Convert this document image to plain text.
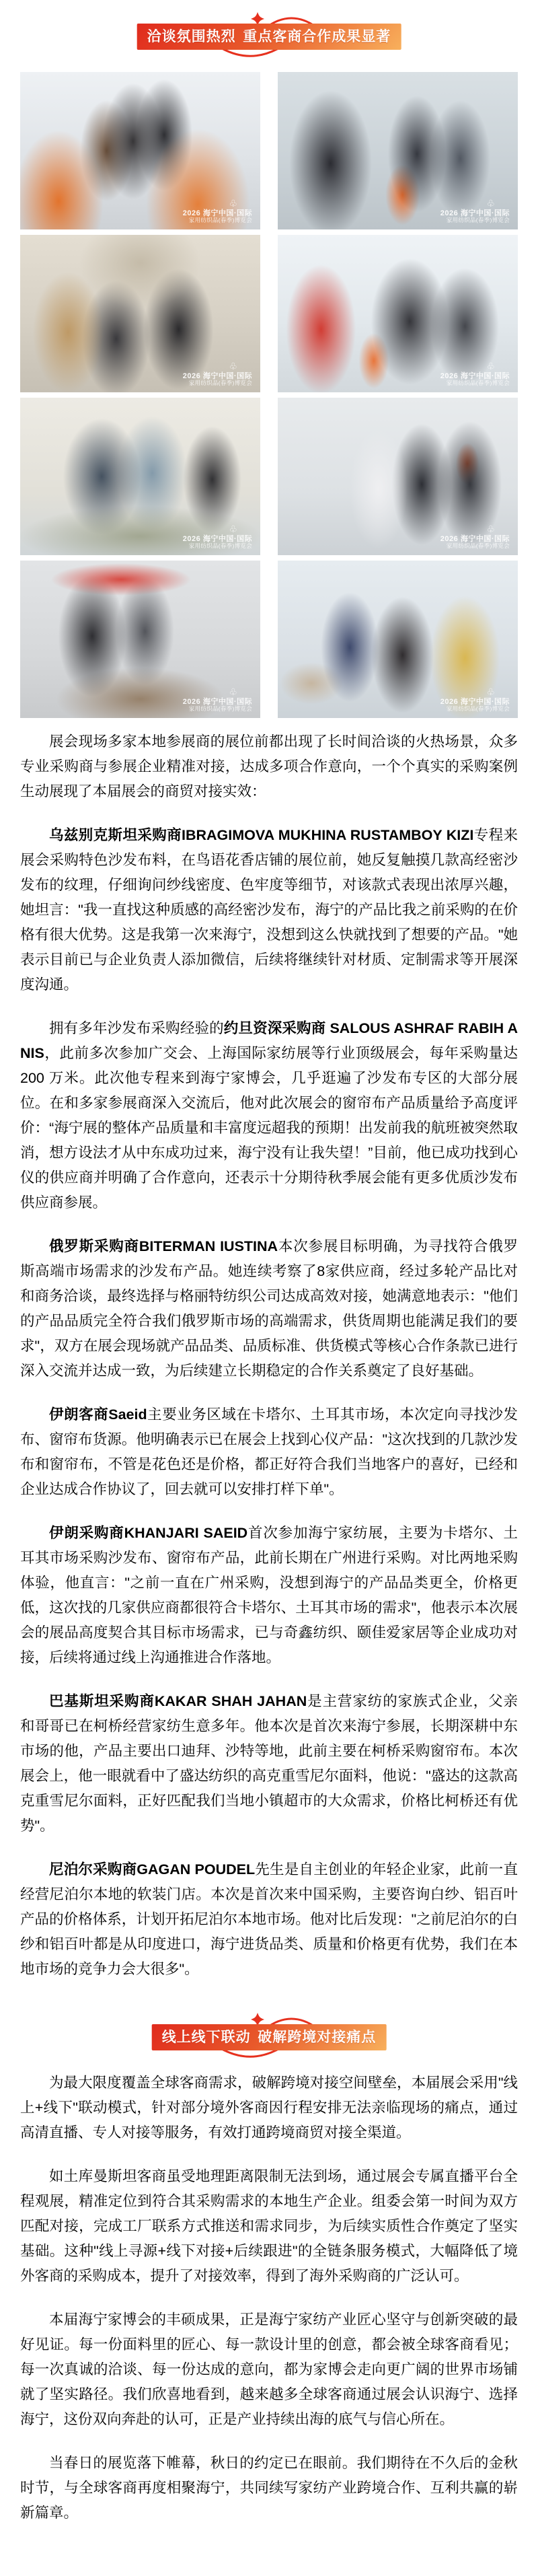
洽谈氛围热烈 重点客商合作成果显著
♧
2026 海宁中国·国际
家用纺织品(春季)博览会
♧
2026 海宁中国·国际
家用纺织品(春季)博览会
♧
2026 海宁中国·国际
家用纺织品(春季)博览会
♧
2026 海宁中国·国际
家用纺织品(春季)博览会
♧
2026 海宁中国·国际
家用纺织品(春季)博览会
♧
2026 海宁中国·国际
家用纺织品(春季)博览会
♧
2026 海宁中国·国际
家用纺织品(春季)博览会
♧
2026 海宁中国·国际
家用纺织品(春季)博览会

展会现场多家本地参展商的展位前都出现了长时间洽谈的火热场景，众多专业采购商与参展企业精准对接，达成多项合作意向，一个个真实的采购案例生动展现了本届展会的商贸对接实效：

乌兹别克斯坦采购商IBRAGIMOVA MUKHINA RUSTAMBOY KIZI专程来展会采购特色沙发布料，在鸟语花香店铺的展位前，她反复触摸几款高经密沙发布的纹理，仔细询问纱线密度、色牢度等细节，对该款式表现出浓厚兴趣，她坦言："我一直找这种质感的高经密沙发布，海宁的产品比我之前采购的在价格有很大优势。这是我第一次来海宁，没想到这么快就找到了想要的产品。"她表示目前已与企业负责人添加微信，后续将继续针对材质、定制需求等开展深度沟通。

拥有多年沙发布采购经验的约旦资深采购商 SALOUS ASHRAF RABIH ANIS，此前多次参加广交会、上海国际家纺展等行业顶级展会，每年采购量达 200 万米。此次他专程来到海宁家博会，几乎逛遍了沙发布专区的大部分展位。在和多家参展商深入交流后，他对此次展会的窗帘布产品质量给予高度评价：“海宁展的整体产品质量和丰富度远超我的预期！出发前我的航班被突然取消，想方设法才从中东成功过来，海宁没有让我失望！”目前，他已成功找到心仪的供应商并明确了合作意向，还表示十分期待秋季展会能有更多优质沙发布供应商参展。

俄罗斯采购商BITERMAN IUSTINA本次参展目标明确，为寻找符合俄罗斯高端市场需求的沙发布产品。她连续考察了8家供应商，经过多轮产品比对和商务洽谈，最终选择与格丽特纺织公司达成高效对接，她满意地表示："他们的产品品质完全符合我们俄罗斯市场的高端需求，供货周期也能满足我们的要求"，双方在展会现场就产品品类、品质标准、供货模式等核心合作条款已进行深入交流并达成一致，为后续建立长期稳定的合作关系奠定了良好基础。

伊朗客商Saeid主要业务区域在卡塔尔、土耳其市场，本次定向寻找沙发布、窗帘布货源。他明确表示已在展会上找到心仪产品："这次找到的几款沙发布和窗帘布，不管是花色还是价格，都正好符合我们当地客户的喜好，已经和企业达成合作协议了，回去就可以安排打样下单"。

伊朗采购商KHANJARI SAEID首次参加海宁家纺展，主要为卡塔尔、土耳其市场采购沙发布、窗帘布产品，此前长期在广州进行采购。对比两地采购体验，他直言："之前一直在广州采购，没想到海宁的产品品类更全，价格更低，这次找的几家供应商都很符合卡塔尔、土耳其市场的需求"，他表示本次展会的展品高度契合其目标市场需求，已与奇鑫纺织、颐佳爱家居等企业成功对接，后续将通过线上沟通推进合作落地。

巴基斯坦采购商KAKAR SHAH JAHAN是主营家纺的家族式企业，父亲和哥哥已在柯桥经营家纺生意多年。他本次是首次来海宁参展，长期深耕中东市场的他，产品主要出口迪拜、沙特等地，此前主要在柯桥采购窗帘布。本次展会上，他一眼就看中了盛达纺织的高克重雪尼尔面料，他说："盛达的这款高克重雪尼尔面料，正好匹配我们当地小镇超市的大众需求，价格比柯桥还有优势"。

尼泊尔采购商GAGAN POUDEL先生是自主创业的年轻企业家，此前一直经营尼泊尔本地的软装门店。本次是首次来中国采购，主要咨询白纱、铝百叶产品的价格体系，计划开拓尼泊尔本地市场。他对比后发现："之前尼泊尔的白纱和铝百叶都是从印度进口，海宁进货品类、质量和价格更有优势，我们在本地市场的竞争力会大很多"。

线上线下联动 破解跨境对接痛点

为最大限度覆盖全球客商需求，破解跨境对接空间壁垒，本届展会采用"线上+线下"联动模式，针对部分境外客商因行程安排无法亲临现场的痛点，通过高清直播、专人对接等服务，有效打通跨境商贸对接全渠道。

如土库曼斯坦客商虽受地理距离限制无法到场，通过展会专属直播平台全程观展，精准定位到符合其采购需求的本地生产企业。组委会第一时间为双方匹配对接，完成工厂联系方式推送和需求同步，为后续实质性合作奠定了坚实基础。这种"线上寻源+线下对接+后续跟进"的全链条服务模式，大幅降低了境外客商的采购成本，提升了对接效率，得到了海外采购商的广泛认可。

本届海宁家博会的丰硕成果，正是海宁家纺产业匠心坚守与创新突破的最好见证。每一份面料里的匠心、每一款设计里的创意，都会被全球客商看见；每一次真诚的洽谈、每一份达成的意向，都为家博会走向更广阔的世界市场铺就了坚实路径。我们欣喜地看到，越来越多全球客商通过展会认识海宁、选择海宁，这份双向奔赴的认可，正是产业持续出海的底气与信心所在。

当春日的展览落下帷幕，秋日的约定已在眼前。我们期待在不久后的金秋时节，与全球客商再度相聚海宁，共同续写家纺产业跨境合作、互利共赢的崭新篇章。
